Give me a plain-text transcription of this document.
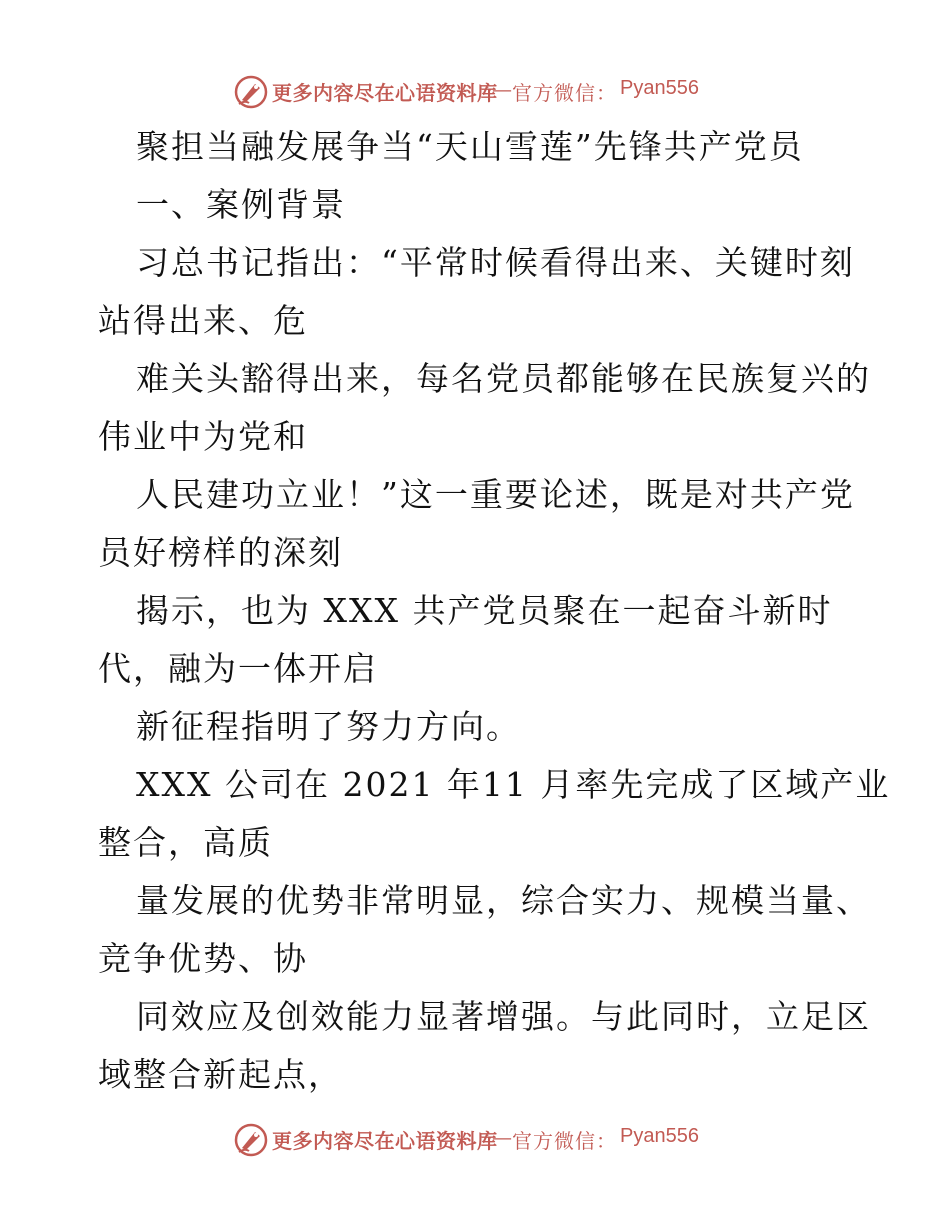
更多内容尽在心语资料库
— 官方微信： Pyan556
聚担当融发展争当“天山雪莲”先锋共产党员
一、案例背景
习总书记指出：“平常时候看得出来、关键时刻
站得出来、危
难关头豁得出来，每名党员都能够在民族复兴的
伟业中为党和
人民建功立业！”这一重要论述，既是对共产党
员好榜样的深刻
揭示，也为 XXX 共产党员聚在一起奋斗新时
代，融为一体开启
新征程指明了努力方向。
XXX 公司在 2021 年11 月率先完成了区域产业
整合，高质
量发展的优势非常明显，综合实力、规模当量、
竞争优势、协
同效应及创效能力显著增强。与此同时，立足区
域整合新起点，
更多内容尽在心语资料库
— 官方微信： Pyan556
